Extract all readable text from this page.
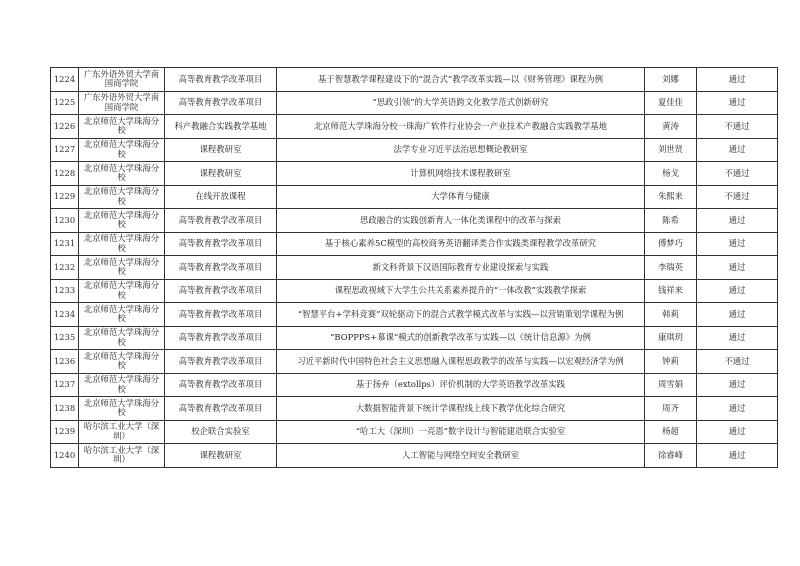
1224	广东外语外贸大学南国商学院	高等教育教学改革项目	基于智慧教学课程建设下的“混合式”教学改革实践—以《财务管理》课程为例	刘娜	通过
1225	广东外语外贸大学南国商学院	高等教育教学改革项目	“思政引领”的大学英语跨文化教学范式创新研究	夏佳佳	通过
1226	北京师范大学珠海分校	科产教融合实践教学基地	北京师范大学珠海分校一珠海广软件行业协会一产业技术产教融合实践教学基地	黄涛	不通过
1227	北京师范大学珠海分校	课程教研室	法学专业习近平法治思想概论教研室	刘世贤	通过
1228	北京师范大学珠海分校	课程教研室	计算机网络技术课程教研室	杨戈	不通过
1229	北京师范大学珠海分校	在线开放课程	大学体育与健康	朱熙来	不通过
1230	北京师范大学珠海分校	高等教育教学改革项目	思政融合的实践创新育人一体化类课程中的改革与探索	陈希	通过
1231	北京师范大学珠海分校	高等教育教学改革项目	基于核心素养5C模型的高校商务英语翻译类合作实践类课程教学改革研究	傅梦巧	通过
1232	北京师范大学珠海分校	高等教育教学改革项目	新文科背景下汉语国际教育专业建设探索与实践	李瑞英	通过
1233	北京师范大学珠海分校	高等教育教学改革项目	课程思政视域下大学生公共关系素养提升的“一体改教”实践教学探索	钱祥来	通过
1234	北京师范大学珠海分校	高等教育教学改革项目	“智慧平台+学科竞赛”双轮驱动下的混合式教学模式改革与实践—以营销策划学课程为例	韩莉	通过
1235	北京师范大学珠海分校	高等教育教学改革项目	“BOPPPS+慕课”模式的创新教学改革与实践—以《统计信息源》为例	康琪玥	通过
1236	北京师范大学珠海分校	高等教育教学改革项目	习近平新时代中国特色社会主义思想融入课程思政教学的改革与实践—以宏观经济学为例	钟莉	不通过
1237	北京师范大学珠海分校	高等教育教学改革项目	基于扬弃（extollps）评价机制的大学英语教学改革实践	周雪娟	通过
1238	北京师范大学珠海分校	高等教育教学改革项目	大数据智能背景下统计学课程线上线下教学优化综合研究	周齐	通过
1239	哈尔滨工业大学（深圳）	校企联合实验室	“哈工大（深圳）一亮恩”数字设计与智能建造联合实验室	杨超	通过
1240	哈尔滨工业大学（深圳）	课程教研室	人工智能与网络空间安全教研室	徐睿峰	通过
